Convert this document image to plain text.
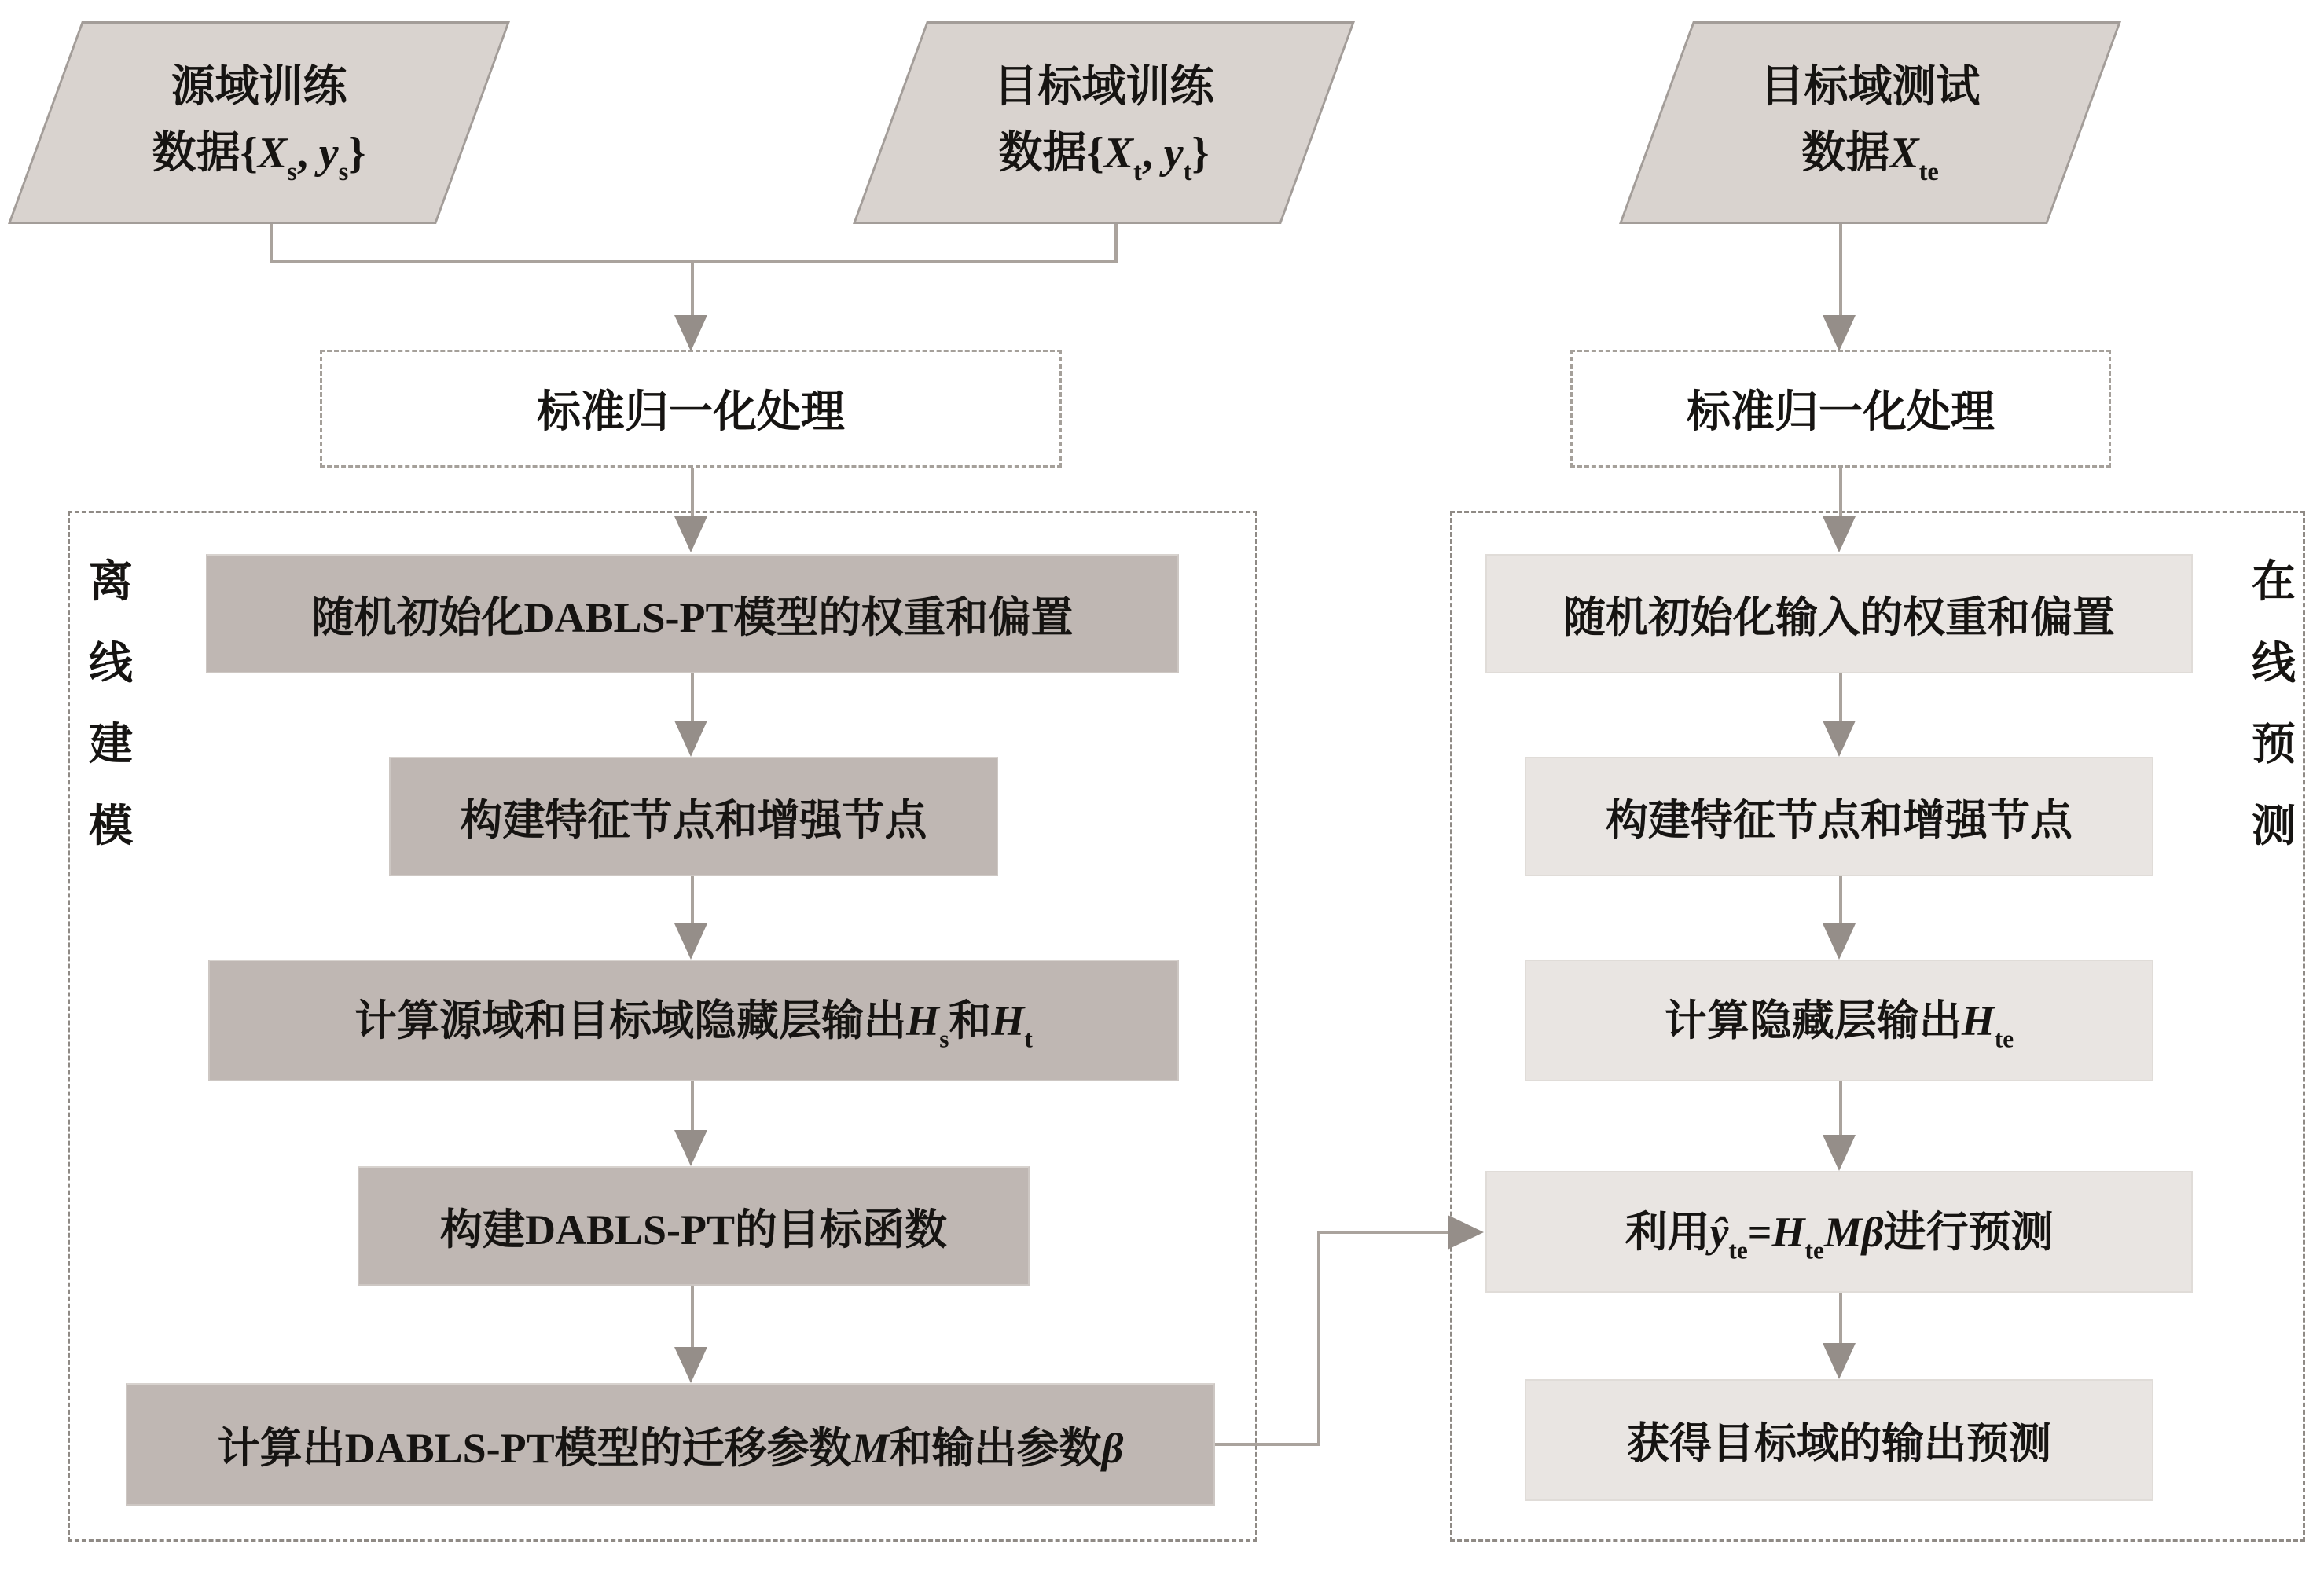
离线建模
在线预测
源域训练
数据{$X_s$, $y_s$}
目标域训练
数据{$X_t$, $y_t$}
目标域测试
数据$X_{te}$
标准归一化处理	标准归一化处理
随机初始化DABLS-PT模型的权重和偏置
构建特征节点和增强节点
计算源域和目标域隐藏层输出$H_s$和$H_t$
构建DABLS-PT的目标函数
计算出DABLS-PT模型的迁移参数M和输出参数β
随机初始化输入的权重和偏置
构建特征节点和增强节点
计算隐藏层输出$H_{te}$
利用$ŷ_{te}=H_{te}M\beta$进行预测
获得目标域的输出预测
